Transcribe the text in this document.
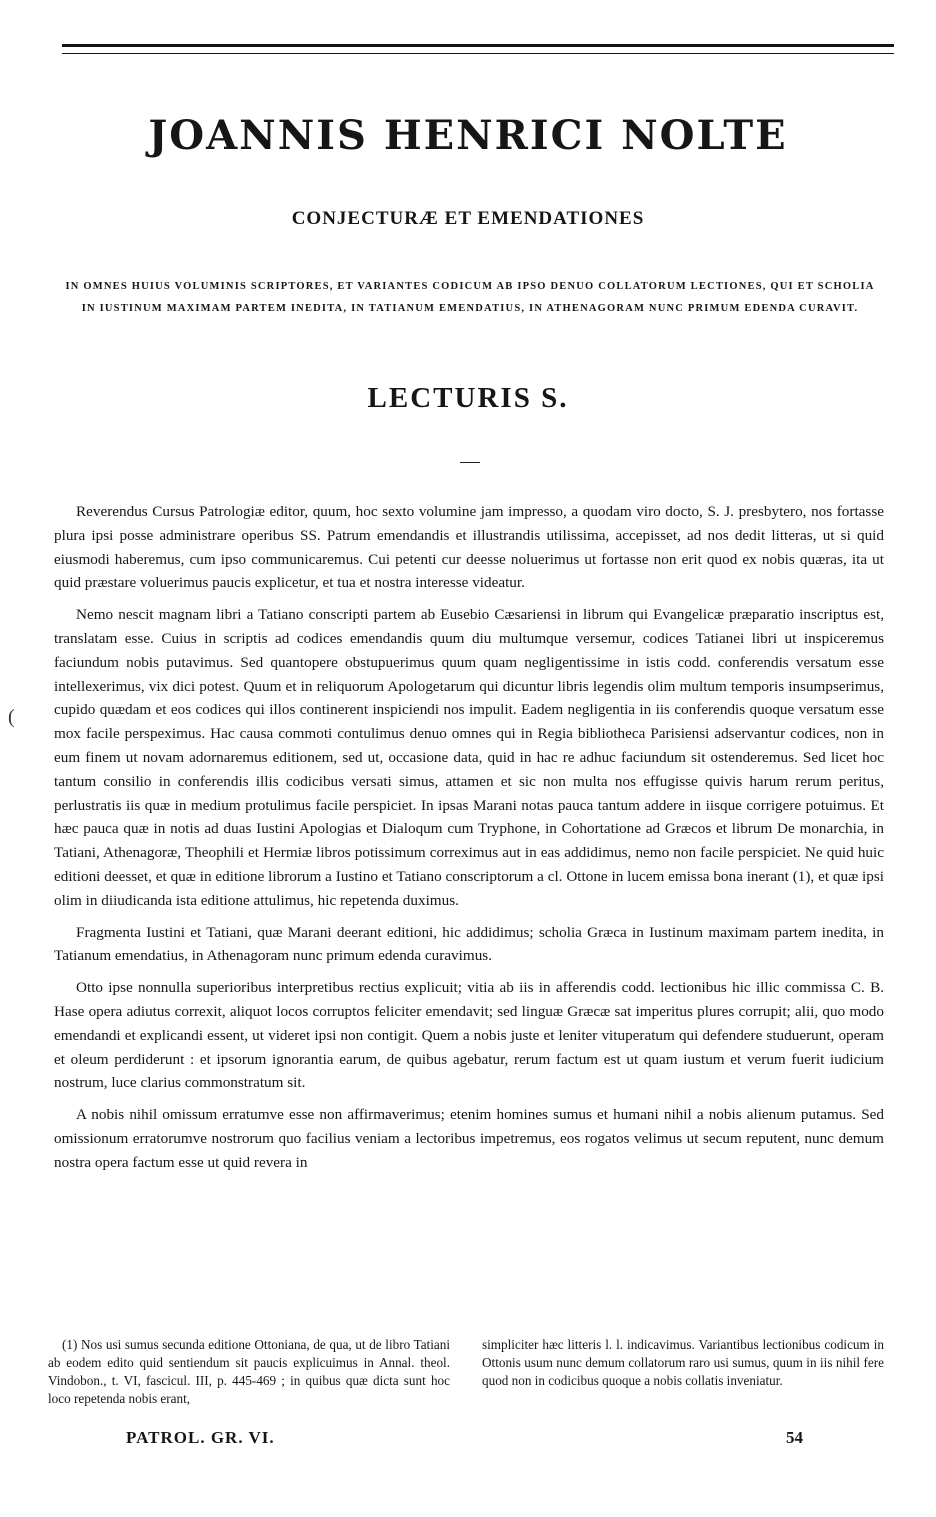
JOANNIS HENRICI NOLTE
CONJECTURÆ ET EMENDATIONES

IN OMNES HUIUS VOLUMINIS SCRIPTORES, ET VARIANTES CODICUM AB IPSO DENUO COLLATORUM LECTIONES, QUI ET SCHOLIA IN IUSTINUM MAXIMAM PARTEM INEDITA, IN TATIANUM EMENDATIUS, IN ATHENAGORAM NUNC PRIMUM EDENDA CURAVIT.

LECTURIS S.

Reverendus Cursus Patrologiæ editor, quum, hoc sexto volumine jam impresso, a quodam viro docto, S. J. presbytero, nos fortasse plura ipsi posse administrare operibus SS. Patrum emendandis et illustrandis utilissima, accepisset, ad nos dedit litteras, ut si quid eiusmodi haberemus, cum ipso communicaremus. Cui petenti cur deesse noluerimus ut fortasse non erit quod ex nobis quæras, ita ut quid præstare voluerimus paucis explicetur, et tua et nostra interesse videatur.

Nemo nescit magnam libri a Tatiano conscripti partem ab Eusebio Cæsariensi in librum qui Evangelicæ præparatio inscriptus est, translatam esse. Cuius in scriptis ad codices emendandis quum diu multumque versemur, codices Tatianei libri ut inspiceremus faciundum nobis putavimus. Sed quantopere obstupuerimus quum quam negligentissime in istis codd. conferendis versatum esse intellexerimus, vix dici potest. Quum et in reliquorum Apologetarum qui dicuntur libris legendis olim multum temporis insumpserimus, cupido quædam et eos codices qui illos continerent inspiciendi nos impulit. Eadem negligentia in iis conferendis quoque versatum esse mox facile perspeximus. Hac causa commoti contulimus denuo omnes qui in Regia bibliotheca Parisiensi adservantur codices, non in eum finem ut novam adornaremus editionem, sed ut, occasione data, quid in hac re adhuc faciundum sit ostenderemus. Sed licet hoc tantum consilio in conferendis illis codicibus versati simus, attamen et sic non multa nos effugisse quivis harum rerum peritus, perlustratis iis quæ in medium protulimus facile perspiciet. In ipsas Marani notas pauca tantum addere in iisque corrigere potuimus. Et hæc pauca quæ in notis ad duas Iustini Apologias et Dialoqum cum Tryphone, in Cohortatione ad Græcos et librum De monarchia, in Tatiani, Athenagoræ, Theophili et Hermiæ libros potissimum correximus aut in eas addidimus, nemo non facile perspiciet. Ne quid huic editioni deesset, et quæ in editione librorum a Iustino et Tatiano conscriptorum a cl. Ottone in lucem emissa bona inerant (1), et quæ ipsi olim in diiudicanda ista editione attulimus, hic repetenda duximus.

Fragmenta Iustini et Tatiani, quæ Marani deerant editioni, hic addidimus; scholia Græca in Iustinum maximam partem inedita, in Tatianum emendatius, in Athenagoram nunc primum edenda curavimus.

Otto ipse nonnulla superioribus interpretibus rectius explicuit; vitia ab iis in afferendis codd. lectionibus hic illic commissa C. B. Hase opera adiutus correxit, aliquot locos corruptos feliciter emendavit; sed linguæ Græcæ sat imperitus plures corrupit; alii, quo modo emendandi et explicandi essent, ut videret ipsi non contigit. Quem a nobis juste et leniter vituperatum qui defendere studuerunt, operam et oleum perdiderunt : et ipsorum ignorantia earum, de quibus agebatur, rerum factum est ut quam iustum et verum fuerit iudicium nostrum, luce clarius commonstratum sit.

A nobis nihil omissum erratumve esse non affirmaverimus; etenim homines sumus et humani nihil a nobis alienum putamus. Sed omissionum erratorumve nostrorum quo facilius veniam a lectoribus impetremus, eos rogatos velimus ut secum reputent, nunc demum nostra opera factum esse ut quid revera in

(

(1) Nos usi sumus secunda editione Ottoniana, de qua, ut de libro Tatiani ab eodem edito quid sentiendum sit paucis explicuimus in Annal. theol. Vindobon., t. VI, fascicul. III, p. 445-469 ; in quibus quæ dicta sunt hoc loco repetenda nobis erant,

simpliciter hæc litteris l. l. indicavimus. Variantibus lectionibus codicum in Ottonis usum nunc demum collatorum raro usi sumus, quum in iis nihil fere quod non in codicibus quoque a nobis collatis inveniatur.

PATROL. GR. VI.	54
